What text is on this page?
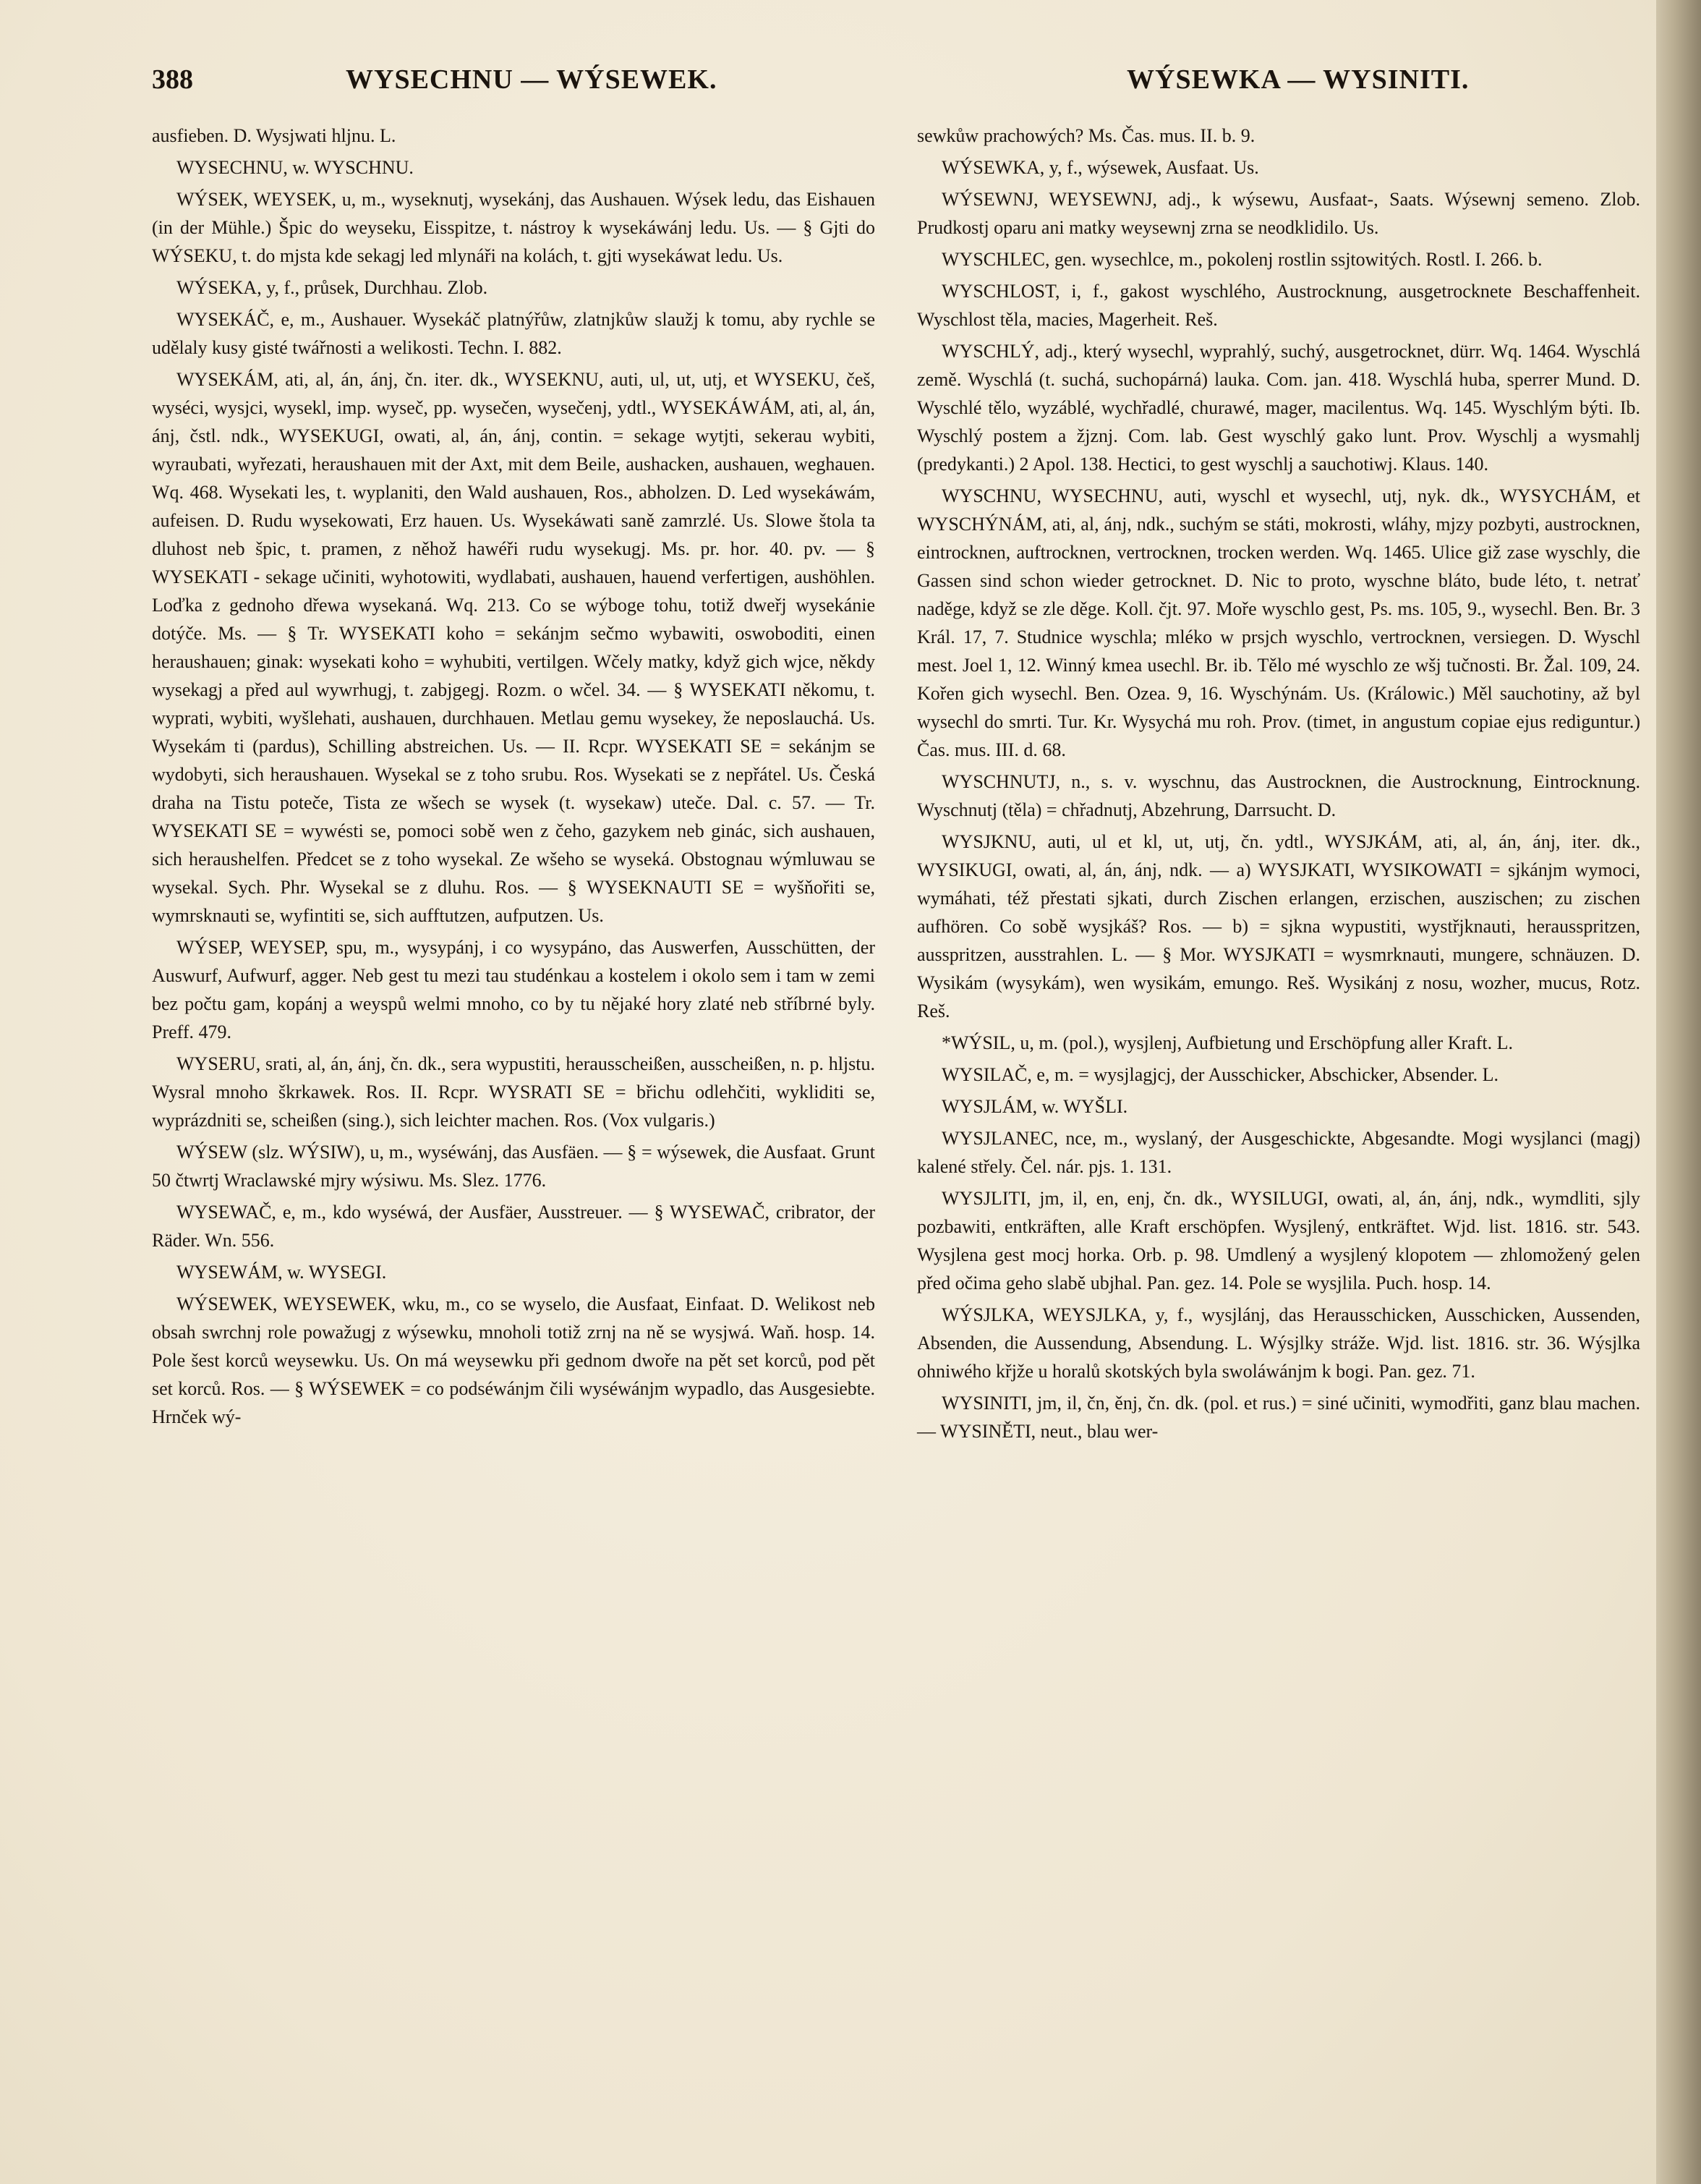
388	WYSECHNU — WÝSEWEK.	WÝSEWKA — WYSINITI.

ausfieben. D. Wysjwati hljnu. L.

WYSECHNU, w. WYSCHNU.

WÝSEK, WEYSEK, u, m., wyseknutj, wysekánj, das Aushauen. Wýsek ledu, das Eishauen (in der Mühle.) Špic do weyseku, Eisspitze, t. nástroy k wysekáwánj ledu. Us. — § Gjti do WÝSEKU, t. do mjsta kde sekagj led mlynáři na kolách, t. gjti wysekáwat ledu. Us.

WÝSEKA, y, f., průsek, Durchhau. Zlob.

WYSEKÁČ, e, m., Aushauer. Wysekáč platnýřůw, zlatnjkůw slaužj k tomu, aby rychle se udělaly kusy gisté twářnosti a welikosti. Techn. I. 882.

WYSEKÁM, ati, al, án, ánj, čn. iter. dk., WYSEKNU, auti, ul, ut, utj, et WYSEKU, češ, wyséci, wysjci, wysekl, imp. wyseč, pp. wysečen, wysečenj, ydtl., WYSEKÁWÁM, ati, al, án, ánj, čstl. ndk., WYSEKUGI, owati, al, án, ánj, contin. = sekage wytjti, sekerau wybiti, wyraubati, wyřezati, heraushauen mit der Axt, mit dem Beile, aushacken, aushauen, weghauen. Wq. 468. Wysekati les, t. wyplaniti, den Wald aushauen, Ros., abholzen. D. Led wysekáwám, aufeisen. D. Rudu wysekowati, Erz hauen. Us. Wysekáwati saně zamrzlé. Us. Slowe štola ta dluhost neb špic, t. pramen, z něhož hawéři rudu wysekugj. Ms. pr. hor. 40. pv. — § WYSEKATI - sekage učiniti, wyhotowiti, wydlabati, aushauen, hauend verfertigen, aushöhlen. Loďka z gednoho dřewa wysekaná. Wq. 213. Co se wýboge tohu, totiž dweřj wysekánie dotýče. Ms. — § Tr. WYSEKATI koho = sekánjm sečmo wybawiti, oswoboditi, einen heraushauen; ginak: wysekati koho = wyhubiti, vertilgen. Wčely matky, když gich wjce, někdy wysekagj a před aul wywrhugj, t. zabjgegj. Rozm. o wčel. 34. — § WYSEKATI někomu, t. wyprati, wybiti, wyšlehati, aushauen, durchhauen. Metlau gemu wysekey, že neposlauchá. Us. Wysekám ti (pardus), Schilling abstreichen. Us. — II. Rcpr. WYSEKATI SE = sekánjm se wydobyti, sich heraushauen. Wysekal se z toho srubu. Ros. Wysekati se z nepřátel. Us. Česká draha na Tistu poteče, Tista ze wšech se wysek (t. wysekaw) uteče. Dal. c. 57. — Tr. WYSEKATI SE = wywésti se, pomoci sobě wen z čeho, gazykem neb ginác, sich aushauen, sich heraushelfen. Předcet se z toho wysekal. Ze wšeho se wyseká. Obstognau wýmluwau se wysekal. Sych. Phr. Wysekal se z dluhu. Ros. — § WYSEKNAUTI SE = wyšňořiti se, wymrsknauti se, wyfintiti se, sich aufftutzen, aufputzen. Us.

WÝSEP, WEYSEP, spu, m., wysypánj, i co wysypáno, das Auswerfen, Ausschütten, der Auswurf, Aufwurf, agger. Neb gest tu mezi tau studénkau a kostelem i okolo sem i tam w zemi bez počtu gam, kopánj a weyspů welmi mnoho, co by tu nějaké hory zlaté neb stříbrné byly. Preff. 479.

WYSERU, srati, al, án, ánj, čn. dk., sera wypustiti, herausscheißen, ausscheißen, n. p. hljstu. Wysral mnoho škrkawek. Ros. II. Rcpr. WYSRATI SE = břichu odlehčiti, wykliditi se, wyprázdniti se, scheißen (sing.), sich leichter machen. Ros. (Vox vulgaris.)

WÝSEW (slz. WÝSIW), u, m., wyséwánj, das Ausfäen. — § = wýsewek, die Ausfaat. Grunt 50 čtwrtj Wraclawské mjry wýsiwu. Ms. Slez. 1776.

WYSEWAČ, e, m., kdo wyséwá, der Ausfäer, Ausstreuer. — § WYSEWAČ, cribrator, der Räder. Wn. 556.

WYSEWÁM, w. WYSEGI.

WÝSEWEK, WEYSEWEK, wku, m., co se wyselo, die Ausfaat, Einfaat. D. Welikost neb obsah swrchnj role powažugj z wýsewku, mnoholi totiž zrnj na ně se wysjwá. Waň. hosp. 14. Pole šest korců weysewku. Us. On má weysewku při gednom dwoře na pět set korců, pod pět set korců. Ros. — § WÝSEWEK = co podséwánjm čili wyséwánjm wypadlo, das Ausgesiebte. Hrnček wý-

sewkůw prachowých? Ms. Čas. mus. II. b. 9.

WÝSEWKA, y, f., wýsewek, Ausfaat. Us.

WÝSEWNJ, WEYSEWNJ, adj., k wýsewu, Ausfaat-, Saats. Wýsewnj semeno. Zlob. Prudkostj oparu ani matky weysewnj zrna se neodklidilo. Us.

WYSCHLEC, gen. wysechlce, m., pokolenj rostlin ssjtowitých. Rostl. I. 266. b.

WYSCHLOST, i, f., gakost wyschlého, Austrocknung, ausgetrocknete Beschaffenheit. Wyschlost těla, macies, Magerheit. Reš.

WYSCHLÝ, adj., který wysechl, wyprahlý, suchý, ausgetrocknet, dürr. Wq. 1464. Wyschlá země. Wyschlá (t. suchá, suchopárná) lauka. Com. jan. 418. Wyschlá huba, sperrer Mund. D. Wyschlé tělo, wyzáblé, wychřadlé, churawé, mager, macilentus. Wq. 145. Wyschlým býti. Ib. Wyschlý postem a žjznj. Com. lab. Gest wyschlý gako lunt. Prov. Wyschlj a wysmahlj (predykanti.) 2 Apol. 138. Hectici, to gest wyschlj a sauchotiwj. Klaus. 140.

WYSCHNU, WYSECHNU, auti, wyschl et wysechl, utj, nyk. dk., WYSYCHÁM, et WYSCHÝNÁM, ati, al, ánj, ndk., suchým se státi, mokrosti, wláhy, mjzy pozbyti, austrocknen, eintrocknen, auftrocknen, vertrocknen, trocken werden. Wq. 1465. Ulice giž zase wyschly, die Gassen sind schon wieder getrocknet. D. Nic to proto, wyschne bláto, bude léto, t. netrať naděge, když se zle děge. Koll. čjt. 97. Moře wyschlo gest, Ps. ms. 105, 9., wysechl. Ben. Br. 3 Král. 17, 7. Studnice wyschla; mléko w prsjch wyschlo, vertrocknen, versiegen. D. Wyschl mest. Joel 1, 12. Winný kmea usechl. Br. ib. Tělo mé wyschlo ze wšj tučnosti. Br. Žal. 109, 24. Kořen gich wysechl. Ben. Ozea. 9, 16. Wyschýnám. Us. (Králowic.) Měl sauchotiny, až byl wysechl do smrti. Tur. Kr. Wysychá mu roh. Prov. (timet, in angustum copiae ejus rediguntur.) Čas. mus. III. d. 68.

WYSCHNUTJ, n., s. v. wyschnu, das Austrocknen, die Austrocknung, Eintrocknung. Wyschnutj (těla) = chřadnutj, Abzehrung, Darrsucht. D.

WYSJKNU, auti, ul et kl, ut, utj, čn. ydtl., WYSJKÁM, ati, al, án, ánj, iter. dk., WYSIKUGI, owati, al, án, ánj, ndk. — a) WYSJKATI, WYSIKOWATI = sjkánjm wymoci, wymáhati, též přestati sjkati, durch Zischen erlangen, erzischen, auszischen; zu zischen aufhören. Co sobě wysjkáš? Ros. — b) = sjkna wypustiti, wystřjknauti, herausspritzen, ausspritzen, ausstrahlen. L. — § Mor. WYSJKATI = wysmrknauti, mungere, schnäuzen. D. Wysikám (wysykám), wen wysikám, emungo. Reš. Wysikánj z nosu, wozher, mucus, Rotz. Reš.

*WÝSIL, u, m. (pol.), wysjlenj, Aufbietung und Erschöpfung aller Kraft. L.

WYSILAČ, e, m. = wysjlagjcj, der Ausschicker, Abschicker, Absender. L.

WYSJLÁM, w. WYŠLI.

WYSJLANEC, nce, m., wyslaný, der Ausgeschickte, Abgesandte. Mogi wysjlanci (magj) kalené střely. Čel. nár. pjs. 1. 131.

WYSJLITI, jm, il, en, enj, čn. dk., WYSILUGI, owati, al, án, ánj, ndk., wymdliti, sjly pozbawiti, entkräften, alle Kraft erschöpfen. Wysjlený, entkräftet. Wjd. list. 1816. str. 543. Wysjlena gest mocj horka. Orb. p. 98. Umdlený a wysjlený klopotem — zhlomožený gelen před očima geho slabě ubjhal. Pan. gez. 14. Pole se wysjlila. Puch. hosp. 14.

WÝSJLKA, WEYSJLKA, y, f., wysjlánj, das Herausschicken, Ausschicken, Aussenden, Absenden, die Aussendung, Absendung. L. Wýsjlky stráže. Wjd. list. 1816. str. 36. Wýsjlka ohniwého křjže u horalů skotských byla swoláwánjm k bogi. Pan. gez. 71.

WYSINITI, jm, il, čn, ěnj, čn. dk. (pol. et rus.) = siné učiniti, wymodřiti, ganz blau machen. — WYSINĚTI, neut., blau wer-
